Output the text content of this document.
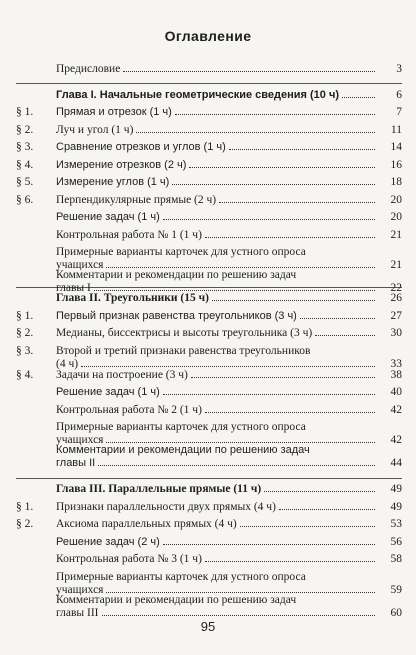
Оглавление
Предисловие	3
Глава I. Начальные геометрические сведения (10 ч)	6
§ 1.	Прямая и отрезок (1 ч)	7
§ 2.	Луч и угол (1 ч)	11
§ 3.	Сравнение отрезков и углов (1 ч)	14
§ 4.	Измерение отрезков (2 ч)	16
§ 5.	Измерение углов (1 ч)	18
§ 6.	Перпендикулярные прямые (2 ч)	20
Решение задач (1 ч)	20
Контрольная работа № 1 (1 ч)	21
Примерные варианты карточек для устного опроса
учащихся	21
Комментарии и рекомендации по решению задач
главы I	22
Глава II. Треугольники (15 ч)	26
§ 1.	Первый признак равенства треугольников (3 ч)	27
§ 2.	Медианы, биссектрисы и высоты треугольника (3 ч)	30
§ 3.	Второй и третий признаки равенства треугольников
(4 ч)	33
§ 4.	Задачи на построение (3 ч)	38
Решение задач (1 ч)	40
Контрольная работа № 2 (1 ч)	42
Примерные варианты карточек для устного опроса
учащихся	42
Комментарии и рекомендации по решению задач
главы II	44
Глава III. Параллельные прямые (11 ч)	49
§ 1.	Признаки параллельности двух прямых (4 ч)	49
§ 2.	Аксиома параллельных прямых (4 ч)	53
Решение задач (2 ч)	56
Контрольная работа № 3 (1 ч)	58
Примерные варианты карточек для устного опроса
учащихся	59
Комментарии и рекомендации по решению задач
главы III	60
95
